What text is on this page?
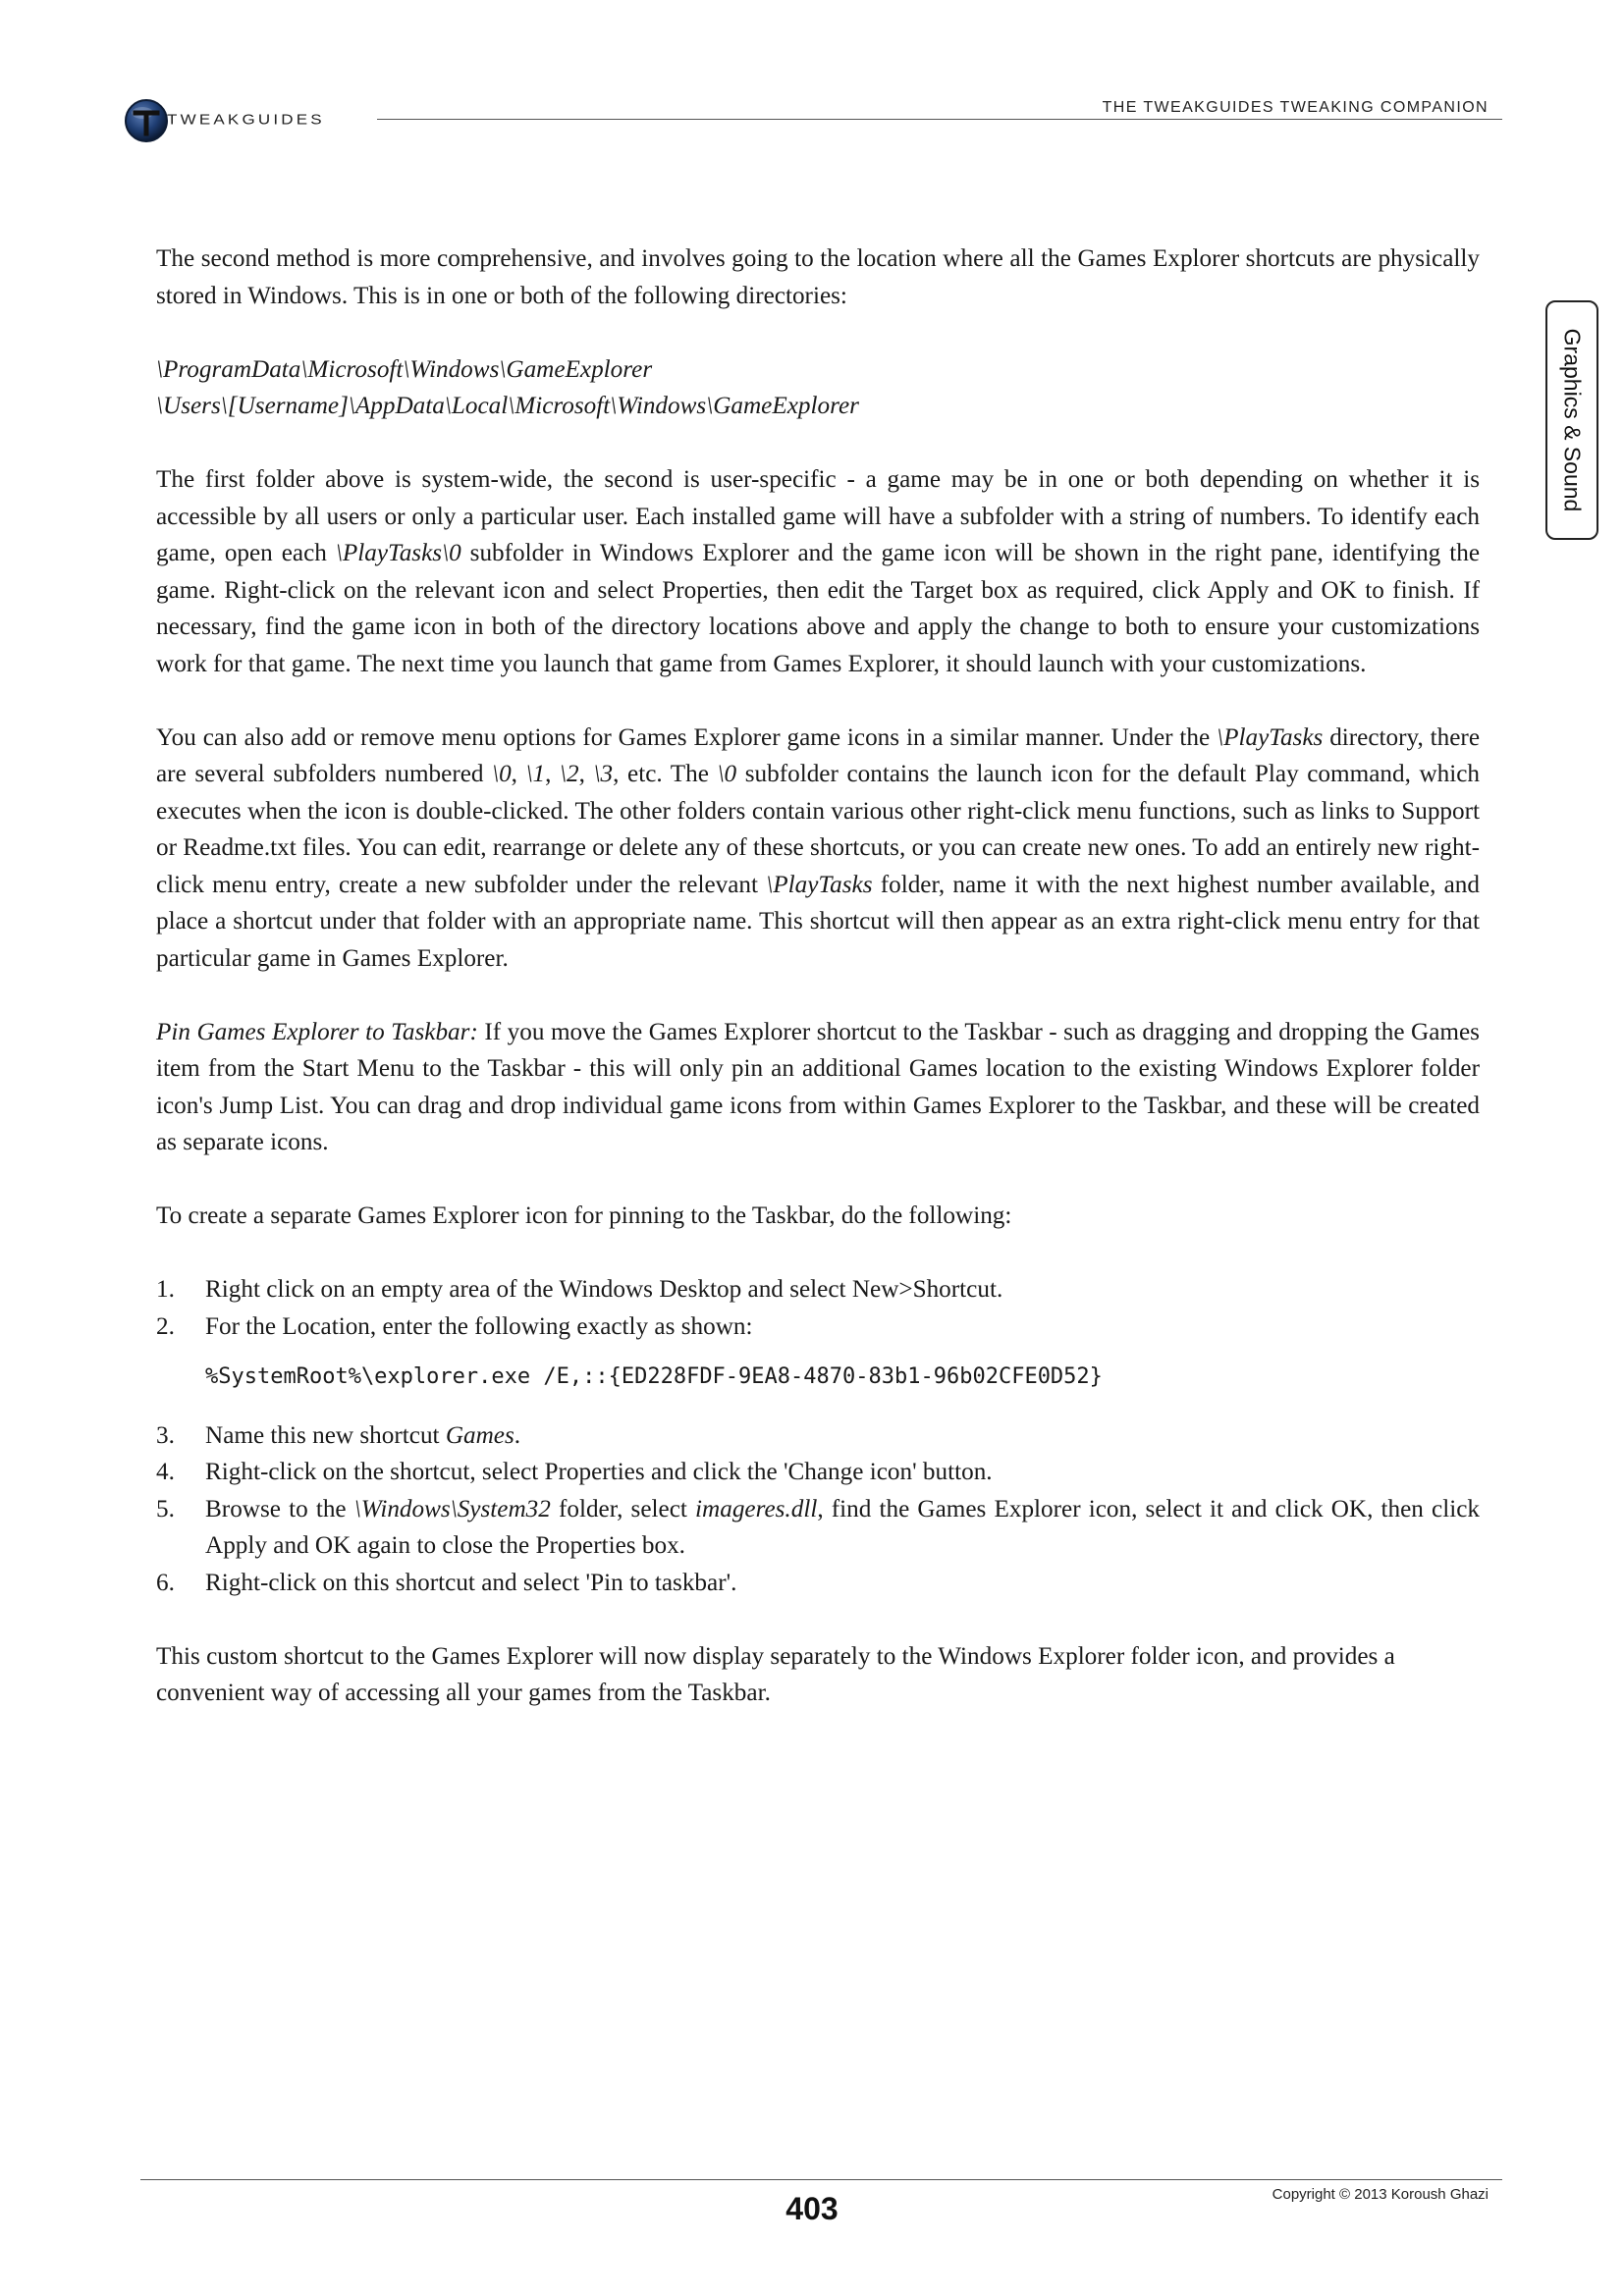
TWEAKGUIDES
THE TWEAKGUIDES TWEAKING COMPANION
Graphics & Sound

The second method is more comprehensive, and involves going to the location where all the Games Explorer shortcuts are physically stored in Windows. This is in one or both of the following directories:

\ProgramData\Microsoft\Windows\GameExplorer
\Users\[Username]\AppData\Local\Microsoft\Windows\GameExplorer

The first folder above is system-wide, the second is user-specific - a game may be in one or both depending on whether it is accessible by all users or only a particular user. Each installed game will have a subfolder with a string of numbers. To identify each game, open each \PlayTasks\0 subfolder in Windows Explorer and the game icon will be shown in the right pane, identifying the game. Right-click on the relevant icon and select Properties, then edit the Target box as required, click Apply and OK to finish. If necessary, find the game icon in both of the directory locations above and apply the change to both to ensure your customizations work for that game. The next time you launch that game from Games Explorer, it should launch with your customizations.

You can also add or remove menu options for Games Explorer game icons in a similar manner. Under the \PlayTasks directory, there are several subfolders numbered \0, \1, \2, \3, etc. The \0 subfolder contains the launch icon for the default Play command, which executes when the icon is double-clicked. The other folders contain various other right-click menu functions, such as links to Support or Readme.txt files. You can edit, rearrange or delete any of these shortcuts, or you can create new ones. To add an entirely new right-click menu entry, create a new subfolder under the relevant \PlayTasks folder, name it with the next highest number available, and place a shortcut under that folder with an appropriate name. This shortcut will then appear as an extra right-click menu entry for that particular game in Games Explorer.

Pin Games Explorer to Taskbar: If you move the Games Explorer shortcut to the Taskbar - such as dragging and dropping the Games item from the Start Menu to the Taskbar - this will only pin an additional Games location to the existing Windows Explorer folder icon's Jump List. You can drag and drop individual game icons from within Games Explorer to the Taskbar, and these will be created as separate icons.

To create a separate Games Explorer icon for pinning to the Taskbar, do the following:

1. Right click on an empty area of the Windows Desktop and select New>Shortcut.
2. For the Location, enter the following exactly as shown:
%SystemRoot%\explorer.exe /E,::{ED228FDF-9EA8-4870-83b1-96b02CFE0D52}
3. Name this new shortcut Games.
4. Right-click on the shortcut, select Properties and click the 'Change icon' button.
5. Browse to the \Windows\System32 folder, select imageres.dll, find the Games Explorer icon, select it and click OK, then click Apply and OK again to close the Properties box.
6. Right-click on this shortcut and select 'Pin to taskbar'.

This custom shortcut to the Games Explorer will now display separately to the Windows Explorer folder icon, and provides a convenient way of accessing all your games from the Taskbar.

Copyright © 2013 Koroush Ghazi
403
